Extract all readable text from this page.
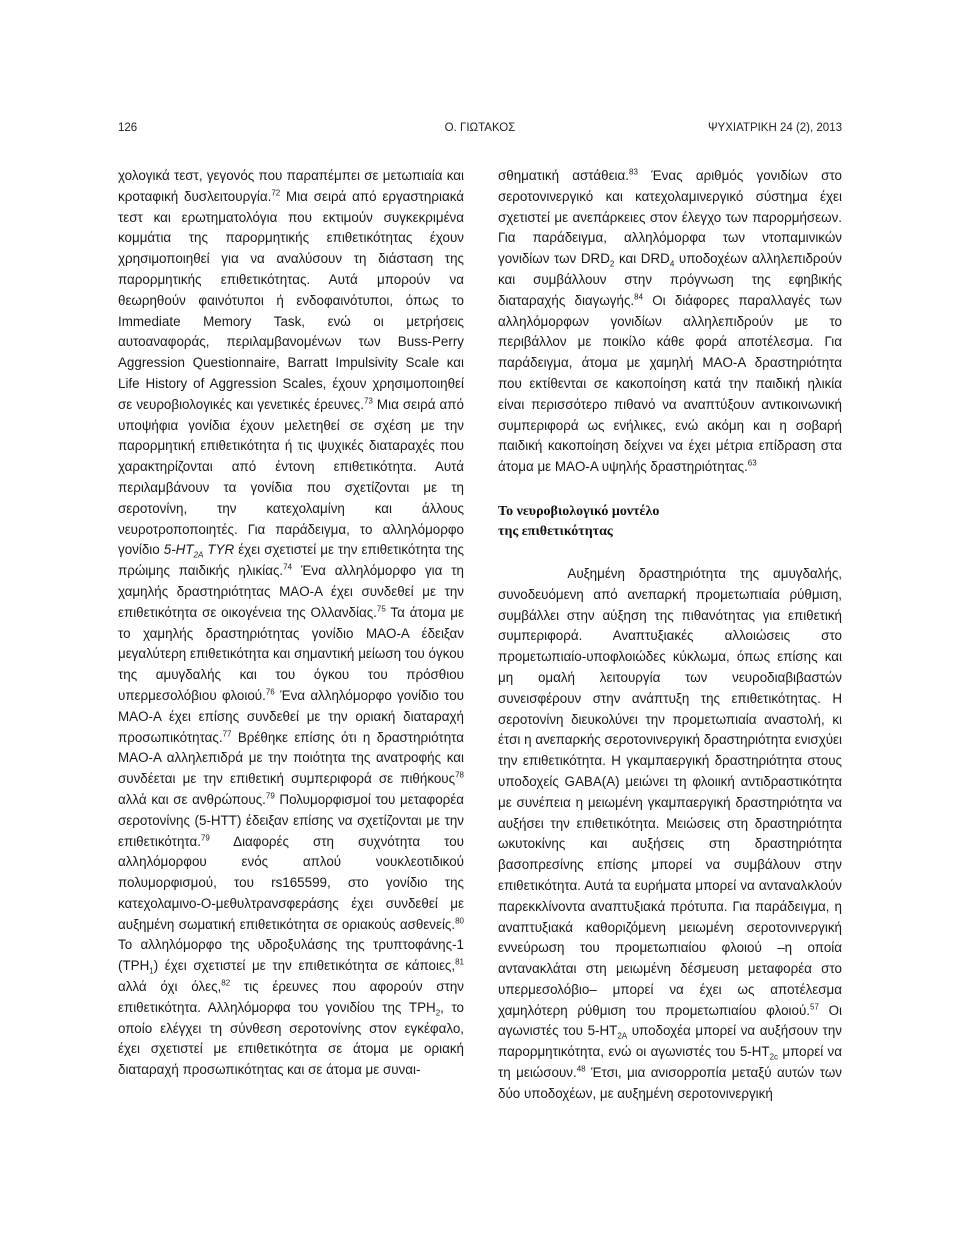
126	Ο. ΓΙΩΤΑΚΟΣ	ΨΥΧΙΑΤΡΙΚΗ 24 (2), 2013

χολογικά τεστ, γεγονός που παραπέμπει σε μετωπιαία και κροταφική δυσλειτουργία.$^{72}$ Μια σειρά από εργαστηριακά τεστ και ερωτηματολόγια που εκτιμούν συγκεκριμένα κομμάτια της παρορμητικής επιθετικότητας έχουν χρησιμοποιηθεί για να αναλύσουν τη διάσταση της παρορμητικής επιθετικότητας. Αυτά μπορούν να θεωρηθούν φαινότυποι ή ενδοφαινότυποι, όπως το Immediate Memory Task, ενώ οι μετρήσεις αυτοαναφοράς, περιλαμβανομένων των Buss-Perry Aggression Questionnaire, Barratt Impulsivity Scale και Life History of Aggression Scales, έχουν χρησιμοποιηθεί σε νευροβιολογικές και γενετικές έρευνες.$^{73}$ Μια σειρά από υποψήφια γονίδια έχουν μελετηθεί σε σχέση με την παρορμητική επιθετικότητα ή τις ψυχικές διαταραχές που χαρακτηρίζονται από έντονη επιθετικότητα. Αυτά περιλαμβάνουν τα γονίδια που σχετίζονται με τη σεροτονίνη, την κατεχολαμίνη και άλλους νευροτροποποιητές. Για παράδειγμα, το αλληλόμορφο γονίδιο $5-HT_{2A}$ TYR έχει σχετιστεί με την επιθετικότητα της πρώιμης παιδικής ηλικίας.$^{74}$ Ένα αλληλόμορφο για τη χαμηλής δραστηριότητας MAO-A έχει συνδεθεί με την επιθετικότητα σε οικογένεια της Ολλανδίας.$^{75}$ Τα άτομα με το χαμηλής δραστηριότητας γονίδιο MAO-A έδειξαν μεγαλύτερη επιθετικότητα και σημαντική μείωση του όγκου της αμυγδαλής και του όγκου του πρόσθιου υπερμεσολόβιου φλοιού.$^{76}$ Ένα αλληλόμορφο γονίδιο του MAO-A έχει επίσης συνδεθεί με την οριακή διαταραχή προσωπικότητας.$^{77}$ Βρέθηκε επίσης ότι η δραστηριότητα MAO-A αλληλεπιδρά με την ποιότητα της ανατροφής και συνδέεται με την επιθετική συμπεριφορά σε πιθήκους$^{78}$ αλλά και σε ανθρώπους.$^{79}$ Πολυμορφισμοί του μεταφορέα σεροτονίνης (5-HTT) έδειξαν επίσης να σχετίζονται με την επιθετικότητα.$^{79}$ Διαφορές στη συχνότητα του αλληλόμορφου ενός απλού νουκλεοτιδικού πολυμορφισμού, του rs165599, στο γονίδιο της κατεχολαμινο-Ο-μεθυλτρανσφεράσης έχει συνδεθεί με αυξημένη σωματική επιθετικότητα σε οριακούς ασθενείς.$^{80}$ Το αλληλόμορφο της υδροξυλάσης της τρυπτοφάνης-1 $(TPH_1)$ έχει σχετιστεί με την επιθετικότητα σε κάποιες,$^{81}$ αλλά όχι όλες,$^{82}$ τις έρευνες που αφορούν στην επιθετικότητα. Αλληλόμορφα του γονιδίου της $TPH_2$, το οποίο ελέγχει τη σύνθεση σεροτονίνης στον εγκέφαλο, έχει σχετιστεί με επιθετικότητα σε άτομα με οριακή διαταραχή προσωπικότητας και σε άτομα με συναι-

σθηματική αστάθεια.$^{83}$ Ένας αριθμός γονιδίων στο σεροτονινεργικό και κατεχολαμινεργικό σύστημα έχει σχετιστεί με ανεπάρκειες στον έλεγχο των παρορμήσεων. Για παράδειγμα, αλληλόμορφα των ντοπαμινικών γονιδίων των $DRD_2$ και $DRD_4$ υποδοχέων αλληλεπιδρούν και συμβάλλουν στην πρόγνωση της εφηβικής διαταραχής διαγωγής.$^{84}$ Οι διάφορες παραλλαγές των αλληλόμορφων γονιδίων αλληλεπιδρούν με το περιβάλλον με ποικίλο κάθε φορά αποτέλεσμα. Για παράδειγμα, άτομα με χαμηλή MAO-A δραστηριότητα που εκτίθενται σε κακοποίηση κατά την παιδική ηλικία είναι περισσότερο πιθανό να αναπτύξουν αντικοινωνική συμπεριφορά ως ενήλικες, ενώ ακόμη και η σοβαρή παιδική κακοποίηση δείχνει να έχει μέτρια επίδραση στα άτομα με MAO-A υψηλής δραστηριότητας.$^{63}$

Το νευροβιολογικό μοντέλο
της επιθετικότητας

Αυξημένη δραστηριότητα της αμυγδαλής, συνοδευόμενη από ανεπαρκή προμετωπιαία ρύθμιση, συμβάλλει στην αύξηση της πιθανότητας για επιθετική συμπεριφορά. Αναπτυξιακές αλλοιώσεις στο προμετωπιαίο-υποφλοιώδες κύκλωμα, όπως επίσης και μη ομαλή λειτουργία των νευροδιαβιβαστών συνεισφέρουν στην ανάπτυξη της επιθετικότητας. Η σεροτονίνη διευκολύνει την προμετωπιαία αναστολή, κι έτσι η ανεπαρκής σεροτονινεργική δραστηριότητα ενισχύει την επιθετικότητα. Η γκαμπαεργική δραστηριότητα στους υποδοχείς GABA(A) μειώνει τη φλοιική αντιδραστικότητα με συνέπεια η μειωμένη γκαμπαεργική δραστηριότητα να αυξήσει την επιθετικότητα. Μειώσεις στη δραστηριότητα ωκυτοκίνης και αυξήσεις στη δραστηριότητα βασοπρεσίνης επίσης μπορεί να συμβάλουν στην επιθετικότητα. Αυτά τα ευρήματα μπορεί να ανταναλκλούν παρεκκλίνοντα αναπτυξιακά πρότυπα. Για παράδειγμα, η αναπτυξιακά καθοριζόμενη μειωμένη σεροτονινεργική εννεύρωση του προμετωπιαίου φλοιού –η οποία αντανακλάται στη μειωμένη δέσμευση μεταφορέα στο υπερμεσολόβιο– μπορεί να έχει ως αποτέλεσμα χαμηλότερη ρύθμιση του προμετωπιαίου φλοιού.$^{57}$ Οι αγωνιστές του $5-HT_{2A}$ υποδοχέα μπορεί να αυξήσουν την παρορμητικότητα, ενώ οι αγωνιστές του $5-HT_{2c}$ μπορεί να τη μειώσουν.$^{48}$ Έτσι, μια ανισορροπία μεταξύ αυτών των δύο υποδοχέων, με αυξημένη σεροτονινεργική
